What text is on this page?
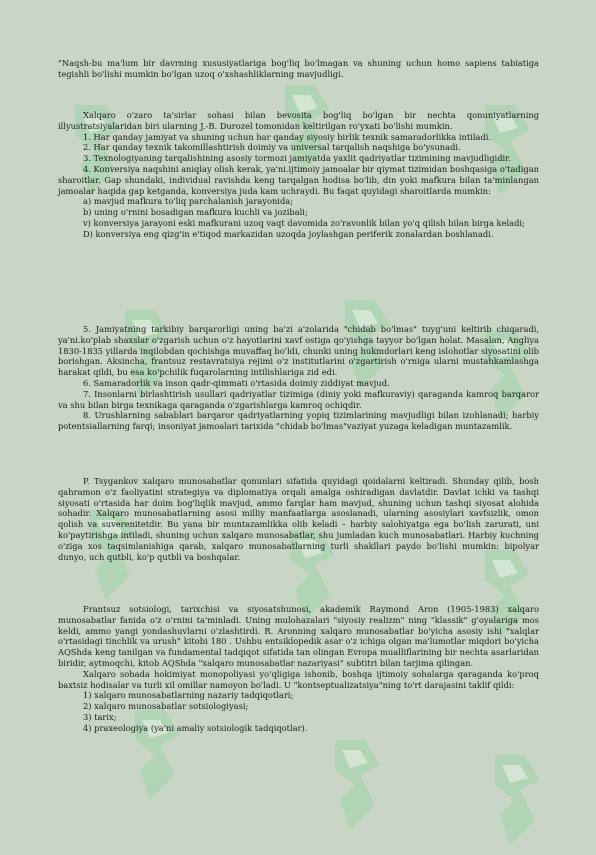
"Naqsh-bu ma'lum bir davrning xususiyatlariga bog'liq bo'lmagan va shuning uchun homo sapiens tabiatiga tegishli bo'lishi mumkin bo'lgan uzoq o'xshashliklarning mavjudligi.

Xalqaro o'zaro ta'sirlar sohasi bilan bevosita bog'liq bo'lgan bir nechta qonuniyatlarning illyustratsiyalaridan biri ularning J.-B. Durozel tomonidan keltirilgan ro'yxati bo'lishi mumkin.

1. Har qanday jamiyat va shuning uchun har qanday siyosiy birlik texnik samaradorlikka intiladi.

2. Har qanday texnik takomillashtirish doimiy va universal tarqalish naqshiga bo'ysunadi.

3. Texnologiyaning tarqalishining asosiy tormozi jamiyatda yaxlit qadriyatlar tizimining mavjudligidir.

4. Konversiya naqshini aniqlay olish kerak, ya'ni.ijtimoiy jamoalar bir qiymat tizimidan boshqasiga o'tadigan sharoitlar. Gap shundaki, individual ravishda keng tarqalgan hodisa bo'lib, din yoki mafkura bilan ta'minlangan jamoalar haqida gap ketganda, konversiya juda kam uchraydi. Bu faqat quyidagi sharoitlarda mumkin:

a) mavjud mafkura to'liq parchalanish jarayonida;

b) uning o'rnini bosadigan mafkura kuchli va jozibali;

v) konversiya jarayoni eski mafkurani uzoq vaqt davomida zo'ravonlik bilan yo'q qilish bilan birga keladi;

D) konversiya eng qizg'in e'tiqod markazidan uzoqda joylashgan periferik zonalardan boshlanadi.

5. Jamiyatning tarkibiy barqarorligi uning ba'zi a'zolarida "chidab bo'lmas" tuyg'uni keltirib chiqaradi, ya'ni.ko'plab shaxslar o'zgarish uchun o'z hayotlarini xavf ostiga qo'yishga tayyor bo'lgan holat. Masalan, Angliya 1830-1835 yillarda inqilobdan qochishga muvaffaq bo'ldi, chunki uning hukmdorlari keng islohotlar siyosatini olib borishgan. Aksincha, frantsuz restavratsiya rejimi o'z institutlarini o'zgartirish o'rniga ularni mustahkamlashga harakat qildi, bu esa ko'pchilik fuqarolarning intilishlariga zid edi.

6. Samaradorlik va inson qadr-qimmati o'rtasida doimiy ziddiyat mavjud.

7. Insonlarni birlashtirish usullari qadriyatlar tizimiga (diniy yoki mafkuraviy) qaraganda kamroq barqaror va shu bilan birga texnikaga qaraganda o'zgarishlarga kamroq ochiqdir.

8. Urushlarning sabablari barqaror qadriyatlarning yopiq tizimlarining mavjudligi bilan izohlanadi; harbiy potentsiallarning farqi; insoniyat jamoalari tarixida "chidab bo'lmas"vaziyat yuzaga keladigan muntazamlik.

P. Tsygankov xalqaro munosabatlar qonunlari sifatida quyidagi qoidalarni keltiradi. Shunday qilib, bosh qahramon o'z faoliyatini strategiya va diplomatiya orqali amalga oshiradigan davlatdir. Davlat ichki va tashqi siyosati o'rtasida har doim bog'liqlik mavjud, ammo farqlar ham mavjud, shuning uchun tashqi siyosat alohida sohadir. Xalqaro munosabatlarning asosi milliy manfaatlarga asoslanadi, ularning asosiylari xavfsizlik, omon qolish va suverenitetdir. Bu yana bir muntazamlikka olib keladi – harbiy salohiyatga ega bo'lish zarurati, uni ko'paytirishga intiladi, shuning uchun xalqaro munosabatlar, shu jumladan kuch munosabatlari. Harbiy kuchning o'ziga xos taqsimlanishiga qarab, xalqaro munosabatlarning turli shakllari paydo bo'lishi mumkin: bipolyar dunyo, uch qutbli, ko'p qutbli va boshqalar.

Frantsuz sotsiologi, tarixchisi va siyosatshunosi, akademik Raymond Aron (1905-1983) xalqaro munosabatlar fanida o'z o'rnini ta'minladi. Uning mulohazalari "siyosiy realizm" ning "klassik" g'oyalariga mos keldi, ammo yangi yondashuvlarni o'zlashtirdi. R. Aronning xalqaro munosabatlar bo'yicha asosiy ishi "xalqlar o'rtasidagi tinchlik va urush" kitobi 180 . Ushbu entsiklopedik asar o'z ichiga olgan ma'lumotlar miqdori bo'yicha AQShda keng tanilgan va fundamental tadqiqot sifatida tan olingan Evropa mualliflarining bir nechta asarlaridan biridir, aytmoqchi, kitob AQShda "xalqaro munosabatlar nazariyasi" subtitri bilan tarjima qilingan.

Xalqaro sohada hokimiyat monopoliyasi yo'qligiga ishonib, boshqa ijtimoiy sohalarga qaraganda ko'proq baxtsiz hodisalar va turli xil omillar namoyon bo'ladi. U "kontseptualizatsiya"ning to'rt darajasini taklif qildi:

1) xalqaro munosabatlarning nazariy tadqiqotlari;

2) xalqaro munosabatlar sotsiologiyasi;

3) tarix;

4) praxeologiya (ya'ni amaliy sotsiologik tadqiqotlar).
